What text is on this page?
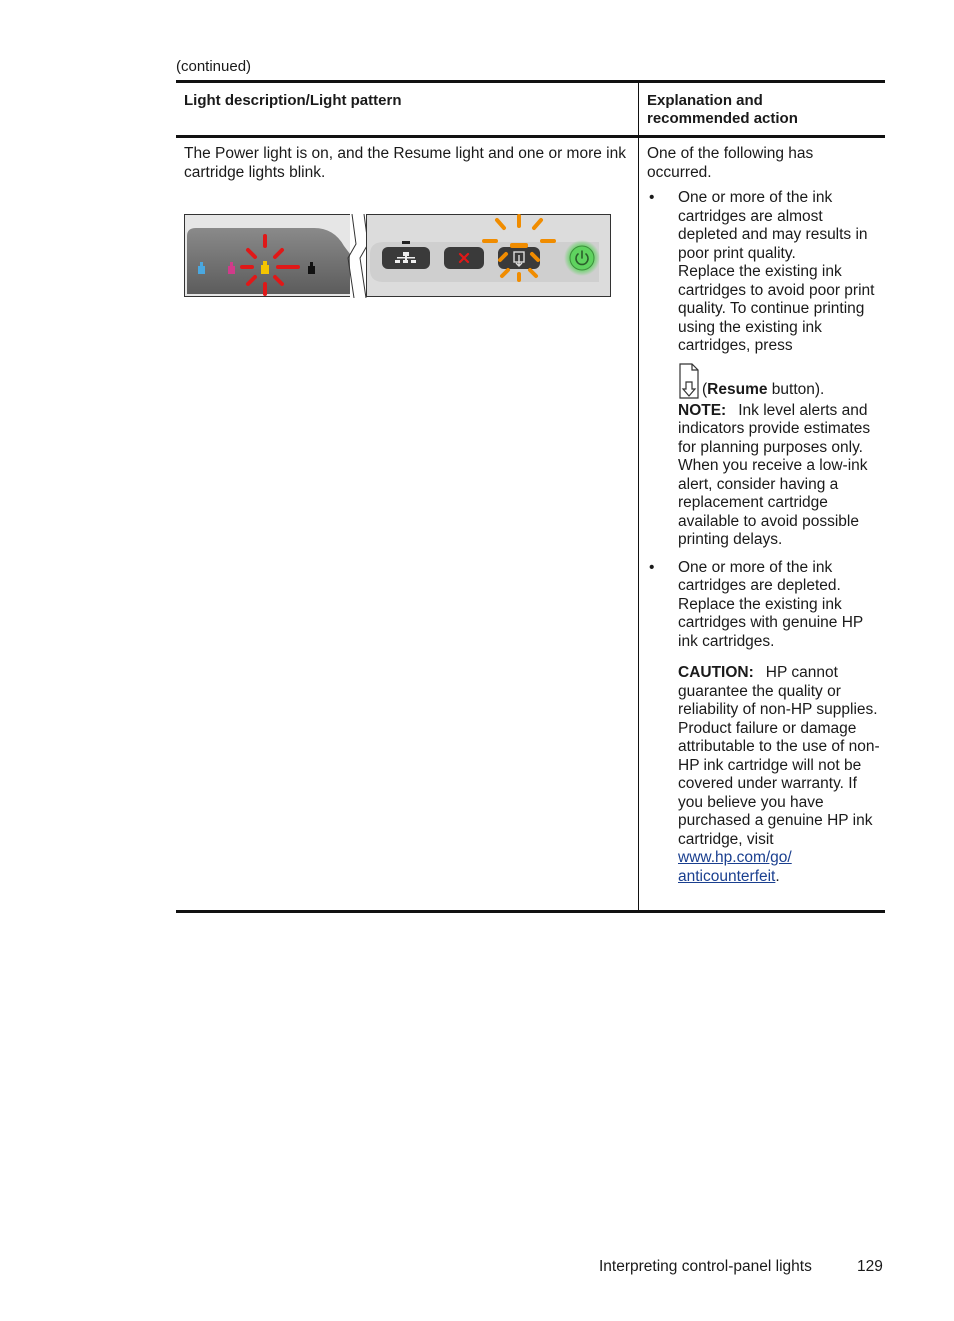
(continued)
Light description/Light pattern	Explanation and recommended action
The Power light is on, and the Resume light and one or more ink cartridge lights blink.

One of the following has occurred.

• One or more of the ink cartridges are almost depleted and may results in poor print quality.

Replace the existing ink cartridges to avoid poor print quality. To continue printing using the existing ink cartridges, press

(Resume button).

NOTE: Ink level alerts and indicators provide estimates for planning purposes only. When you receive a low-ink alert, consider having a replacement cartridge available to avoid possible printing delays.

• One or more of the ink cartridges are depleted.

Replace the existing ink cartridges with genuine HP ink cartridges.

CAUTION: HP cannot guarantee the quality or reliability of non-HP supplies. Product failure or damage attributable to the use of non-HP ink cartridge will not be covered under warranty. If you believe you have purchased a genuine HP ink cartridge, visit
www.hp.com/go/
anticounterfeit.

Interpreting control-panel lights	129
